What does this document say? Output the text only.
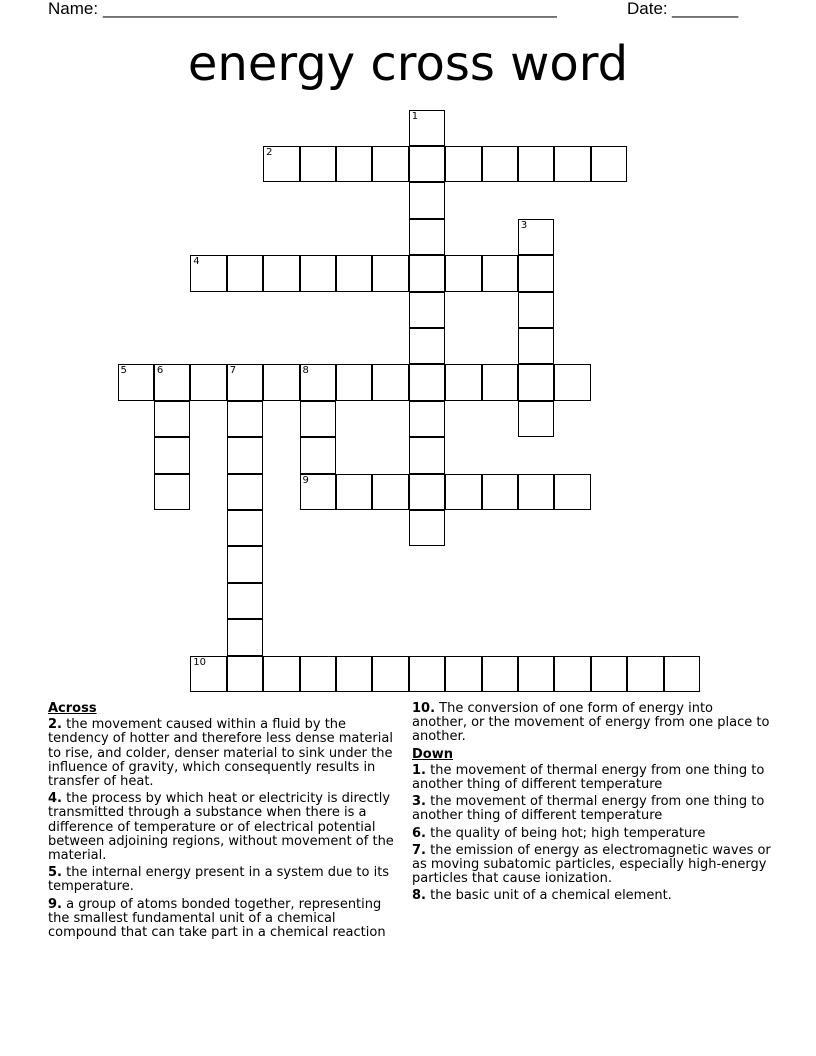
Name: ________________________________________________	Date: _______
energy cross word
1
2
3
4
5	6	7	8
9
10
Across
2. the movement caused within a fluid by the tendency of hotter and therefore less dense material to rise, and colder, denser material to sink under the influence of gravity, which consequently results in transfer of heat.
4. the process by which heat or electricity is directly transmitted through a substance when there is a difference of temperature or of electrical potential between adjoining regions, without movement of the material.
5. the internal energy present in a system due to its temperature.
9. a group of atoms bonded together, representing the smallest fundamental unit of a chemical compound that can take part in a chemical reaction
10. The conversion of one form of energy into another, or the movement of energy from one place to another.
Down
1. the movement of thermal energy from one thing to another thing of different temperature
3. the movement of thermal energy from one thing to another thing of different temperature
6. the quality of being hot; high temperature
7. the emission of energy as electromagnetic waves or as moving subatomic particles, especially high-energy particles that cause ionization.
8. the basic unit of a chemical element.
